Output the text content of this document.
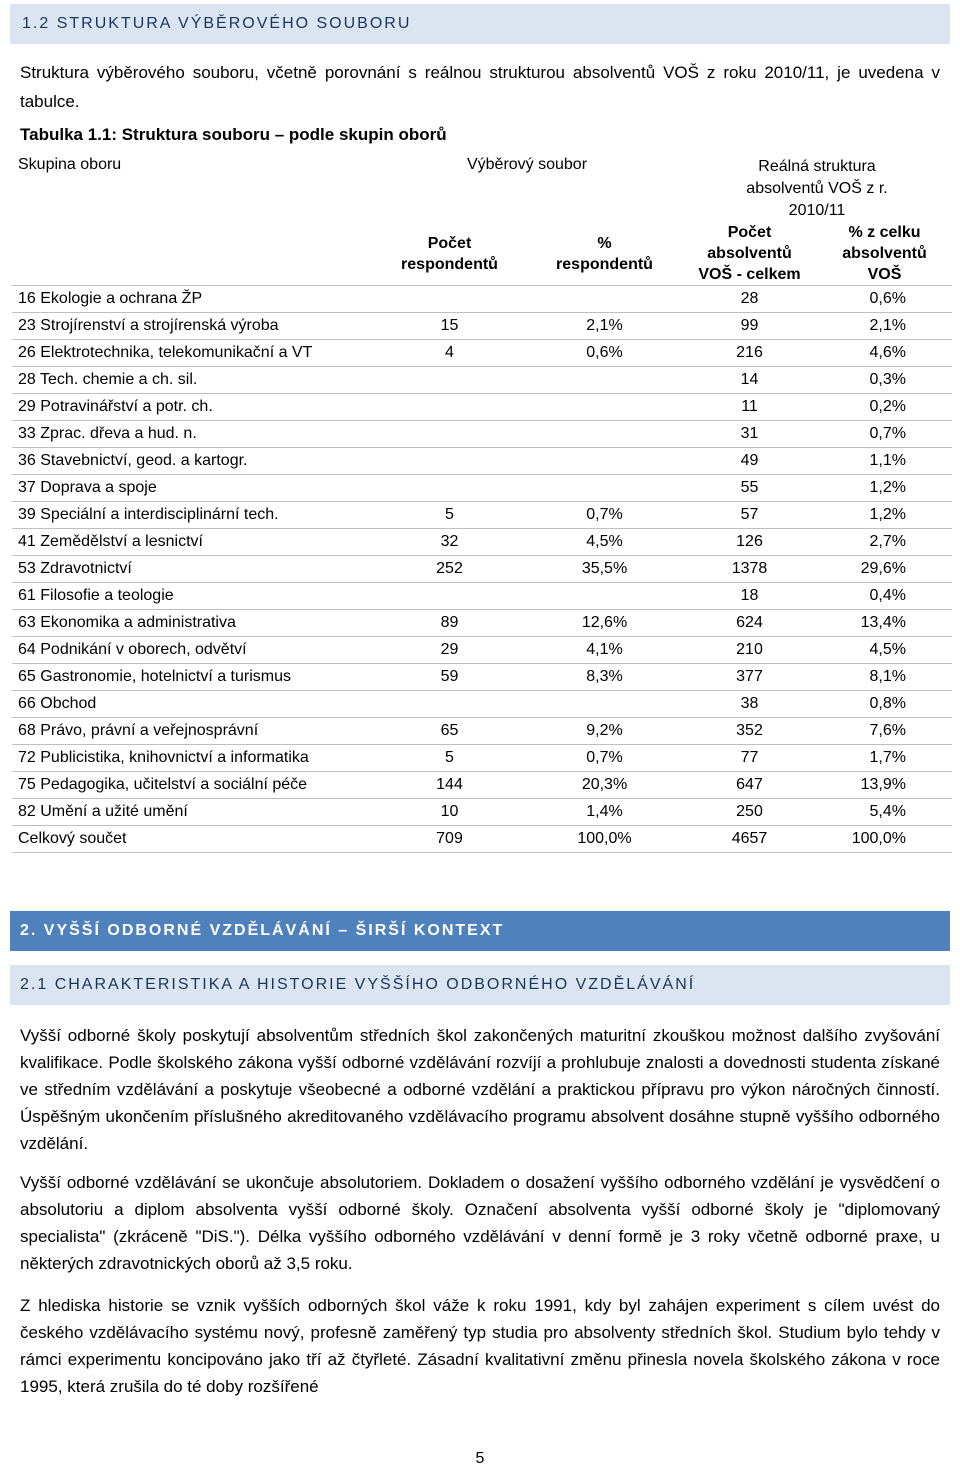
1.2 STRUKTURA VÝBĚROVÉHO SOUBORU
Struktura výběrového souboru, včetně porovnání s reálnou strukturou absolventů VOŠ z roku 2010/11, je uvedena v tabulce.
Tabulka 1.1: Struktura souboru – podle skupin oborů
Skupina oboru	Výběrový soubor		Reálná struktura absolventů VOŠ z r. 2010/11	
	Počet respondentů	% respondentů	Počet absolventů VOŠ - celkem	% z celku absolventů VOŠ
16 Ekologie a ochrana ŽP			28	0,6%
23 Strojírenství a strojírenská výroba	15	2,1%	99	2,1%
26 Elektrotechnika, telekomunikační a VT	4	0,6%	216	4,6%
28 Tech. chemie a ch. sil.			14	0,3%
29 Potravinářství a potr. ch.			11	0,2%
33 Zprac. dřeva a hud. n.			31	0,7%
36 Stavebnictví, geod. a kartogr.			49	1,1%
37 Doprava a spoje			55	1,2%
39 Speciální a interdisciplinární tech.	5	0,7%	57	1,2%
41 Zemědělství a lesnictví	32	4,5%	126	2,7%
53 Zdravotnictví	252	35,5%	1378	29,6%
61 Filosofie a teologie			18	0,4%
63 Ekonomika a administrativa	89	12,6%	624	13,4%
64 Podnikání v oborech, odvětví	29	4,1%	210	4,5%
65 Gastronomie, hotelnictví a turismus	59	8,3%	377	8,1%
66 Obchod			38	0,8%
68 Právo, právní a veřejnosprávní	65	9,2%	352	7,6%
72 Publicistika, knihovnictví a informatika	5	0,7%	77	1,7%
75 Pedagogika, učitelství a sociální péče	144	20,3%	647	13,9%
82 Umění a užité umění	10	1,4%	250	5,4%
Celkový součet	709	100,0%	4657	100,0%
2. VYŠŠÍ ODBORNÉ VZDĚLÁVÁNÍ – ŠIRŠÍ KONTEXT
2.1 CHARAKTERISTIKA A HISTORIE VYŠŠÍHO ODBORNÉHO VZDĚLÁVÁNÍ
Vyšší odborné školy poskytují absolventům středních škol zakončených maturitní zkouškou možnost dalšího zvyšování kvalifikace. Podle školského zákona vyšší odborné vzdělávání rozvíjí a prohlubuje znalosti a dovednosti studenta získané ve středním vzdělávání a poskytuje všeobecné a odborné vzdělání a praktickou přípravu pro výkon náročných činností. Úspěšným ukončením příslušného akreditovaného vzdělávacího programu absolvent dosáhne stupně vyššího odborného vzdělání.
Vyšší odborné vzdělávání se ukončuje absolutoriem. Dokladem o dosažení vyššího odborného vzdělání je vysvědčení o absolutoriu a diplom absolventa vyšší odborné školy. Označení absolventa vyšší odborné školy je "diplomovaný specialista" (zkráceně "DiS."). Délka vyššího odborného vzdělávání v denní formě je 3 roky včetně odborné praxe, u některých zdravotnických oborů až 3,5 roku.
Z hlediska historie se vznik vyšších odborných škol váže k roku 1991, kdy byl zahájen experiment s cílem uvést do českého vzdělávacího systému nový, profesně zaměřený typ studia pro absolventy středních škol. Studium bylo tehdy v rámci experimentu koncipováno jako tří až čtyřleté. Zásadní kvalitativní změnu přinesla novela školského zákona v roce 1995, která zrušila do té doby rozšířené
5
